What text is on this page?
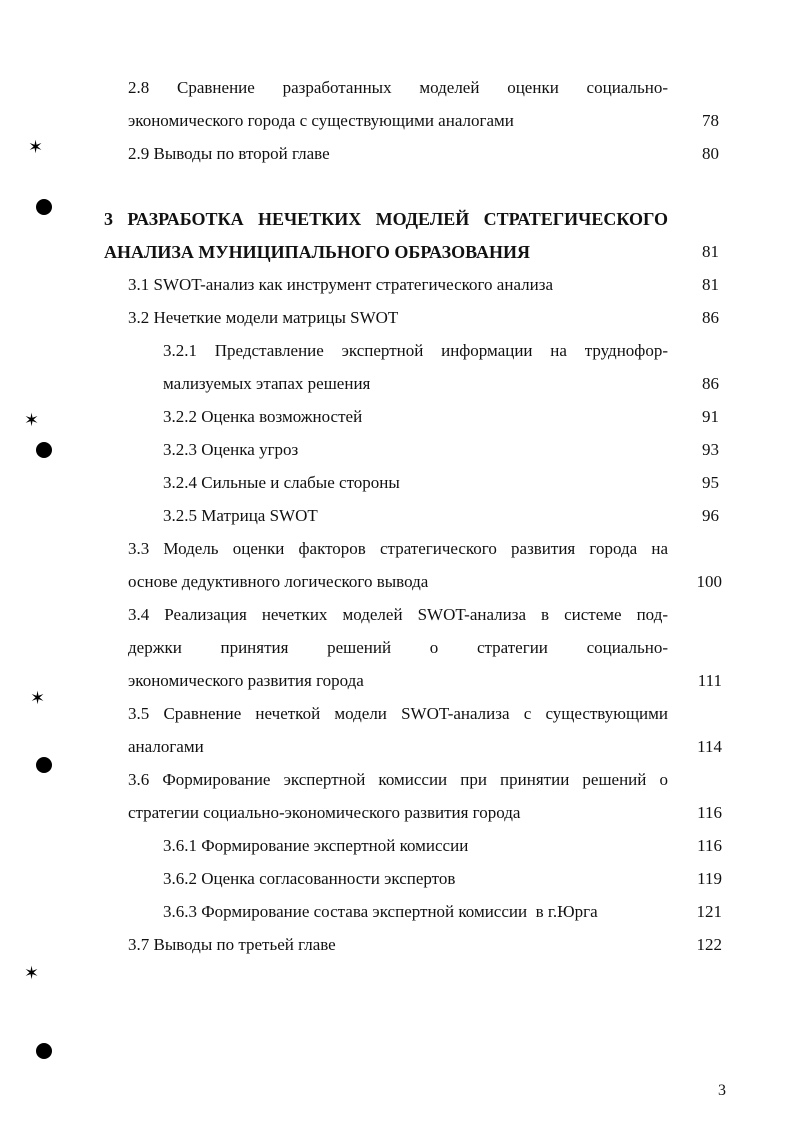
2.8 Сравнение разработанных моделей оценки социально-
экономического города с существующими аналогами	78
2.9 Выводы по второй главе	80
3 РАЗРАБОТКА НЕЧЕТКИХ МОДЕЛЕЙ СТРАТЕГИЧЕСКОГО
АНАЛИЗА МУНИЦИПАЛЬНОГО ОБРАЗОВАНИЯ	81
3.1 SWOT-анализ как инструмент стратегического анализа	81
3.2 Нечеткие модели матрицы SWOT	86
3.2.1 Представление экспертной информации на труднофор-
мализуемых этапах решения	86
3.2.2 Оценка возможностей	91
3.2.3 Оценка угроз	93
3.2.4 Сильные и слабые стороны	95
3.2.5 Матрица SWOT	96
3.3 Модель оценки факторов стратегического развития города на
основе дедуктивного логического вывода	100
3.4 Реализация нечетких моделей SWOT-анализа в системе под-
держки принятия решений о стратегии социально-
экономического развития города	111
3.5 Сравнение нечеткой модели SWOT-анализа с существующими
аналогами	114
3.6 Формирование экспертной комиссии при принятии решений о
стратегии социально-экономического развития города	116
3.6.1 Формирование экспертной комиссии	116
3.6.2 Оценка согласованности экспертов	119
3.6.3 Формирование состава экспертной комиссии  в г.Юрга	121
3.7 Выводы по третьей главе	122
3
✶
✶
✶
✶
